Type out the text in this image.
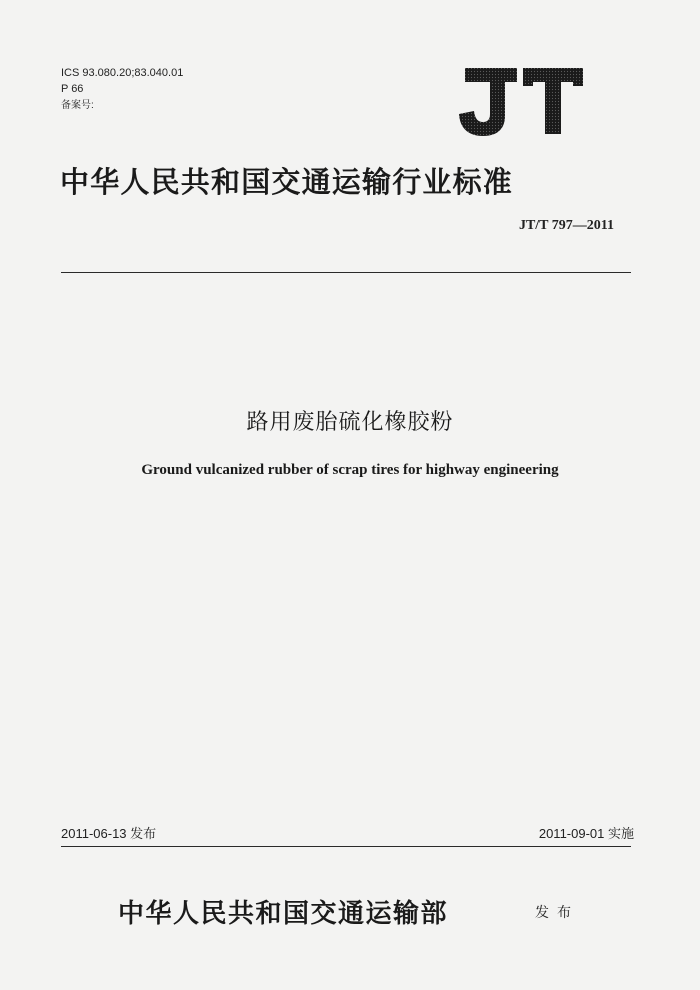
ICS 93.080.20;83.040.01
P 66
备案号:
中华人民共和国交通运输行业标准
JT/T 797—2011
路用废胎硫化橡胶粉
Ground vulcanized rubber of scrap tires for highway engineering
2011-06-13 发布	2011-09-01 实施
中华人民共和国交通运输部	发布
